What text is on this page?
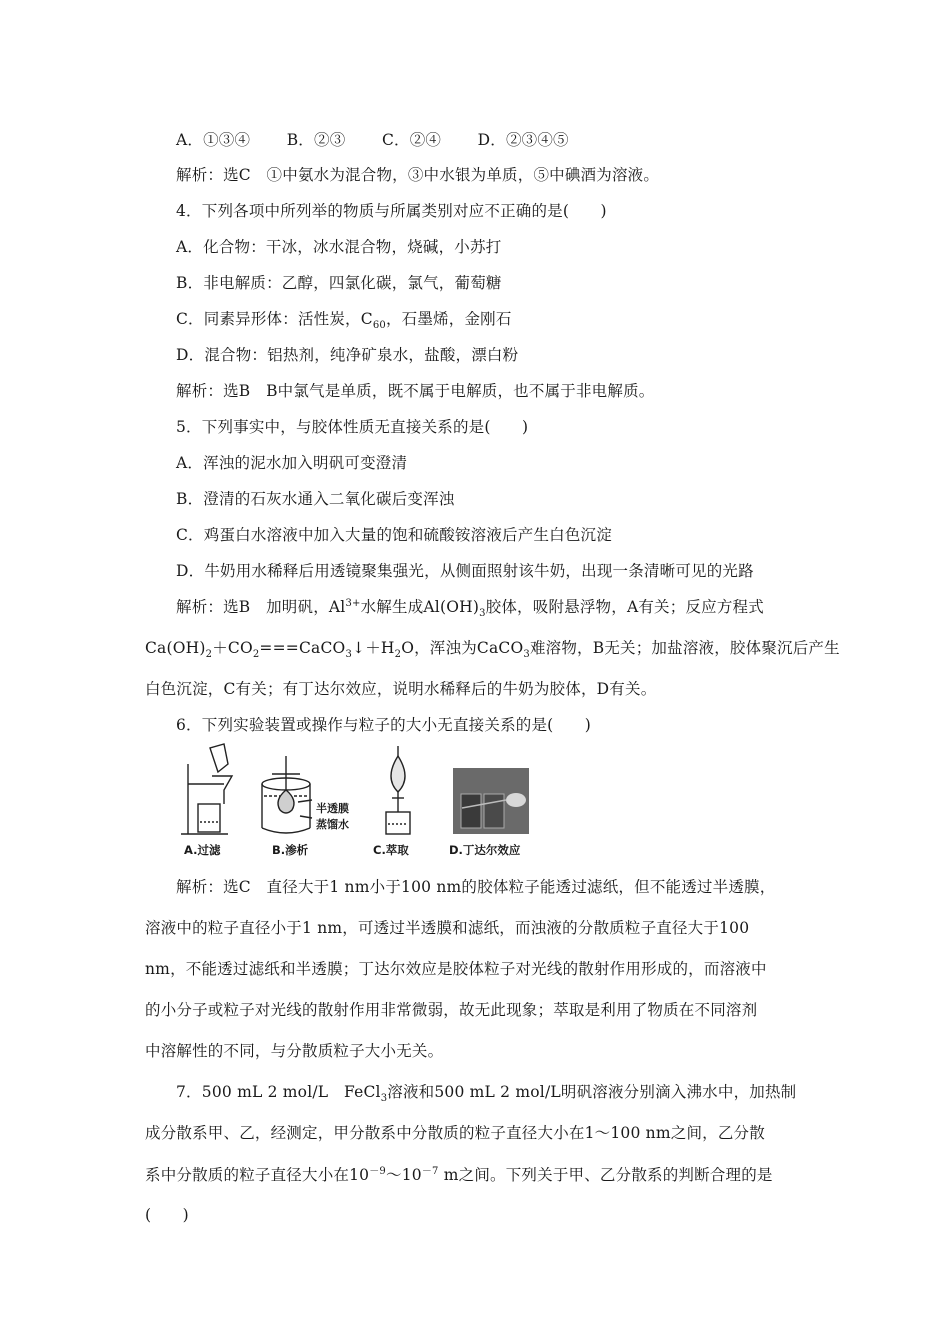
A．①③④　 　B．②③　 　C．②④　 　D．②③④⑤
解析：选C　①中氨水为混合物，③中水银为单质，⑤中碘酒为溶液。
4．下列各项中所列举的物质与所属类别对应不正确的是(　　)
A．化合物：干冰，冰水混合物，烧碱，小苏打
B．非电解质：乙醇，四氯化碳，氯气，葡萄糖
C．同素异形体：活性炭，$C_{60}$，石墨烯，金刚石
D．混合物：铝热剂，纯净矿泉水，盐酸，漂白粉
解析：选B　B中氯气是单质，既不属于电解质，也不属于非电解质。
5．下列事实中，与胶体性质无直接关系的是(　　)
A．浑浊的泥水加入明矾可变澄清
B．澄清的石灰水通入二氧化碳后变浑浊
C．鸡蛋白水溶液中加入大量的饱和硫酸铵溶液后产生白色沉淀
D．牛奶用水稀释后用透镜聚集强光，从侧面照射该牛奶，出现一条清晰可见的光路
解析：选B　加明矾，$Al^{3+}$水解生成$Al(OH)_3$胶体，吸附悬浮物，A有关；反应方程式
$Ca(OH)_2+CO_2===CaCO_3↓+H_2O$，浑浊为CaCO$_3$难溶物，B无关；加盐溶液，胶体聚沉后产生
白色沉淀，C有关；有丁达尔效应，说明水稀释后的牛奶为胶体，D有关。
6．下列实验装置或操作与粒子的大小无直接关系的是(　　)
半透膜
蒸馏水
A.过滤	B.渗析	C.萃取	D.丁达尔效应
解析：选C　直径大于1 nm小于100 nm的胶体粒子能透过滤纸，但不能透过半透膜，
溶液中的粒子直径小于1 nm，可透过半透膜和滤纸，而浊液的分散质粒子直径大于100
nm，不能透过滤纸和半透膜；丁达尔效应是胶体粒子对光线的散射作用形成的，而溶液中
的小分子或粒子对光线的散射作用非常微弱，故无此现象；萃取是利用了物质在不同溶剂
中溶解性的不同，与分散质粒子大小无关。
7．500 mL 2 mol/L　FeCl$_3$溶液和500 mL 2 mol/L明矾溶液分别滴入沸水中，加热制
成分散系甲、乙，经测定，甲分散系中分散质的粒子直径大小在1～100 nm之间，乙分散
系中分散质的粒子直径大小在$10^{-9}\sim 10^{-7}$ m之间。下列关于甲、乙分散系的判断合理的是
(　　)
